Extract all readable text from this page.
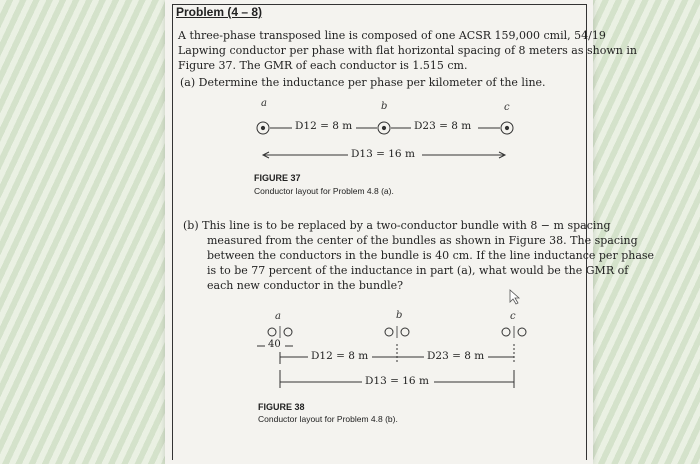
Problem (4 – 8)
A three-phase transposed line is composed of one ACSR 159,000 cmil, 54/19
Lapwing conductor per phase with flat horizontal spacing of 8 meters as shown in
Figure 37. The GMR of each conductor is 1.515 cm.
(a) Determine the inductance per phase per kilometer of the line.
a	b	c
D12 = 8 m	D23 = 8 m
D13 = 16 m
FIGURE 37
Conductor layout for Problem 4.8 (a).
(b) This line is to be replaced by a two-conductor bundle with 8 − m spacing
measured from the center of the bundles as shown in Figure 38. The spacing
between the conductors in the bundle is 40 cm. If the line inductance per phase
is to be 77 percent of the inductance in part (a), what would be the GMR of
each new conductor in the bundle?
a	b	c
40
D12 = 8 m	D23 = 8 m
D13 = 16 m
FIGURE 38
Conductor layout for Problem 4.8 (b).
